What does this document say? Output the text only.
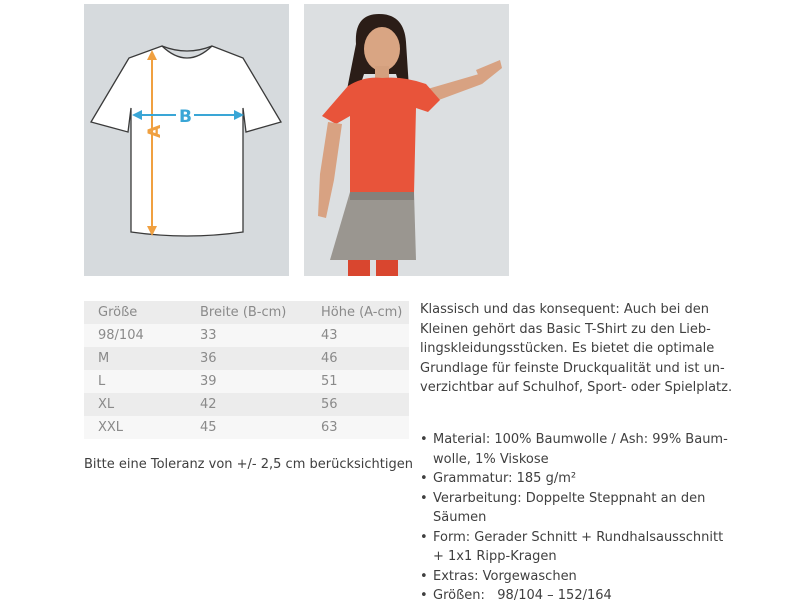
A
B
Größe	Breite (B-cm)	Höhe (A-cm)
98/104	33	43
M	36	46
L	39	51
XL	42	56
XXL	45	63
Bitte eine Toleranz von +/- 2,5 cm berücksichtigen
Klassisch und das konsequent: Auch bei den
Kleinen gehört das Basic T-Shirt zu den Lieb-
lingskleidungsstücken. Es bietet die optimale
Grundlage für feinste Druckqualität und ist un-
verzichtbar auf Schulhof, Sport- oder Spielplatz.
• Material: 100% Baumwolle / Ash: 99% Baum-
wolle, 1% Viskose
• Grammatur: 185 g/m²
• Verarbeitung: Doppelte Steppnaht an den
Säumen
• Form: Gerader Schnitt + Rundhalsausschnitt
+ 1x1 Ripp-Kragen
• Extras: Vorgewaschen
• Größen:   98/104 – 152/164
